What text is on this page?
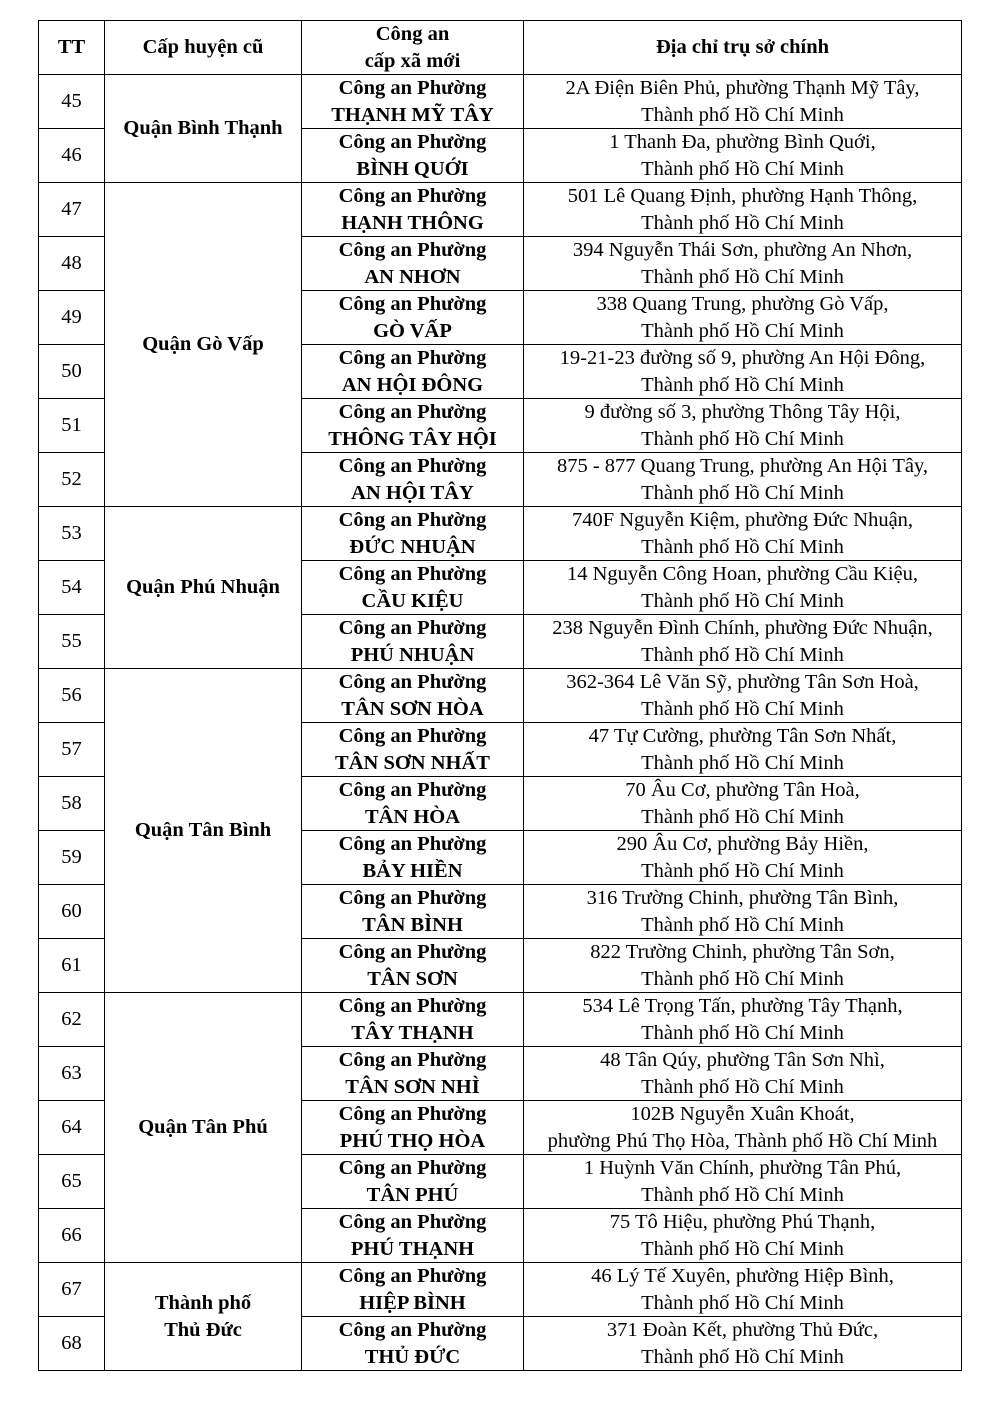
TT	Cấp huyện cũ	Công an
cấp xã mới	Địa chỉ trụ sở chính
45	Quận Bình Thạnh	Công an Phường
THẠNH MỸ TÂY	2A Điện Biên Phủ, phường Thạnh Mỹ Tây,
Thành phố Hồ Chí Minh

46		Công an Phường
BÌNH QUỚI	1 Thanh Đa, phường Bình Quới,
Thành phố Hồ Chí Minh

47	Quận Gò Vấp	Công an Phường
HẠNH THÔNG	501 Lê Quang Định, phường Hạnh Thông,
Thành phố Hồ Chí Minh

48		Công an Phường
AN NHƠN	394 Nguyễn Thái Sơn, phường An Nhơn,
Thành phố Hồ Chí Minh

49		Công an Phường
GÒ VẤP	338 Quang Trung, phường Gò Vấp,
Thành phố Hồ Chí Minh

50		Công an Phường
AN HỘI ĐÔNG	19-21-23 đường số 9, phường An Hội Đông,
Thành phố Hồ Chí Minh

51		Công an Phường
THÔNG TÂY HỘI	9 đường số 3, phường Thông Tây Hội,
Thành phố Hồ Chí Minh

52		Công an Phường
AN HỘI TÂY	875 - 877 Quang Trung, phường An Hội Tây,
Thành phố Hồ Chí Minh

53	Quận Phú Nhuận	Công an Phường
ĐỨC NHUẬN	740F Nguyễn Kiệm, phường Đức Nhuận,
Thành phố Hồ Chí Minh

54		Công an Phường
CẦU KIỆU	14 Nguyễn Công Hoan, phường Cầu Kiệu,
Thành phố Hồ Chí Minh

55		Công an Phường
PHÚ NHUẬN	238 Nguyễn Đình Chính, phường Đức Nhuận,
Thành phố Hồ Chí Minh

56	Quận Tân Bình	Công an Phường
TÂN SƠN HÒA	362-364 Lê Văn Sỹ, phường Tân Sơn Hoà,
Thành phố Hồ Chí Minh

57		Công an Phường
TÂN SƠN NHẤT	47 Tự Cường, phường Tân Sơn Nhất,
Thành phố Hồ Chí Minh

58		Công an Phường
TÂN HÒA	70 Âu Cơ, phường Tân Hoà,
Thành phố Hồ Chí Minh

59		Công an Phường
BẢY HIỀN	290 Âu Cơ, phường Bảy Hiền,
Thành phố Hồ Chí Minh

60		Công an Phường
TÂN BÌNH	316 Trường Chinh, phường Tân Bình,
Thành phố Hồ Chí Minh

61		Công an Phường
TÂN SƠN	822 Trường Chinh, phường Tân Sơn,
Thành phố Hồ Chí Minh

62	Quận Tân Phú	Công an Phường
TÂY THẠNH	534 Lê Trọng Tấn, phường Tây Thạnh,
Thành phố Hồ Chí Minh

63		Công an Phường
TÂN SƠN NHÌ	48 Tân Qúy, phường Tân Sơn Nhì,
Thành phố Hồ Chí Minh

64		Công an Phường
PHÚ THỌ HÒA	102B Nguyễn Xuân Khoát,
phường Phú Thọ Hòa, Thành phố Hồ Chí Minh

65		Công an Phường
TÂN PHÚ	1 Huỳnh Văn Chính, phường Tân Phú,
Thành phố Hồ Chí Minh

66		Công an Phường
PHÚ THẠNH	75 Tô Hiệu, phường Phú Thạnh,
Thành phố Hồ Chí Minh

67	Thành phố
Thủ Đức	Công an Phường
HIỆP BÌNH	46 Lý Tế Xuyên, phường Hiệp Bình,
Thành phố Hồ Chí Minh

68		Công an Phường
THỦ ĐỨC	371 Đoàn Kết, phường Thủ Đức,
Thành phố Hồ Chí Minh
